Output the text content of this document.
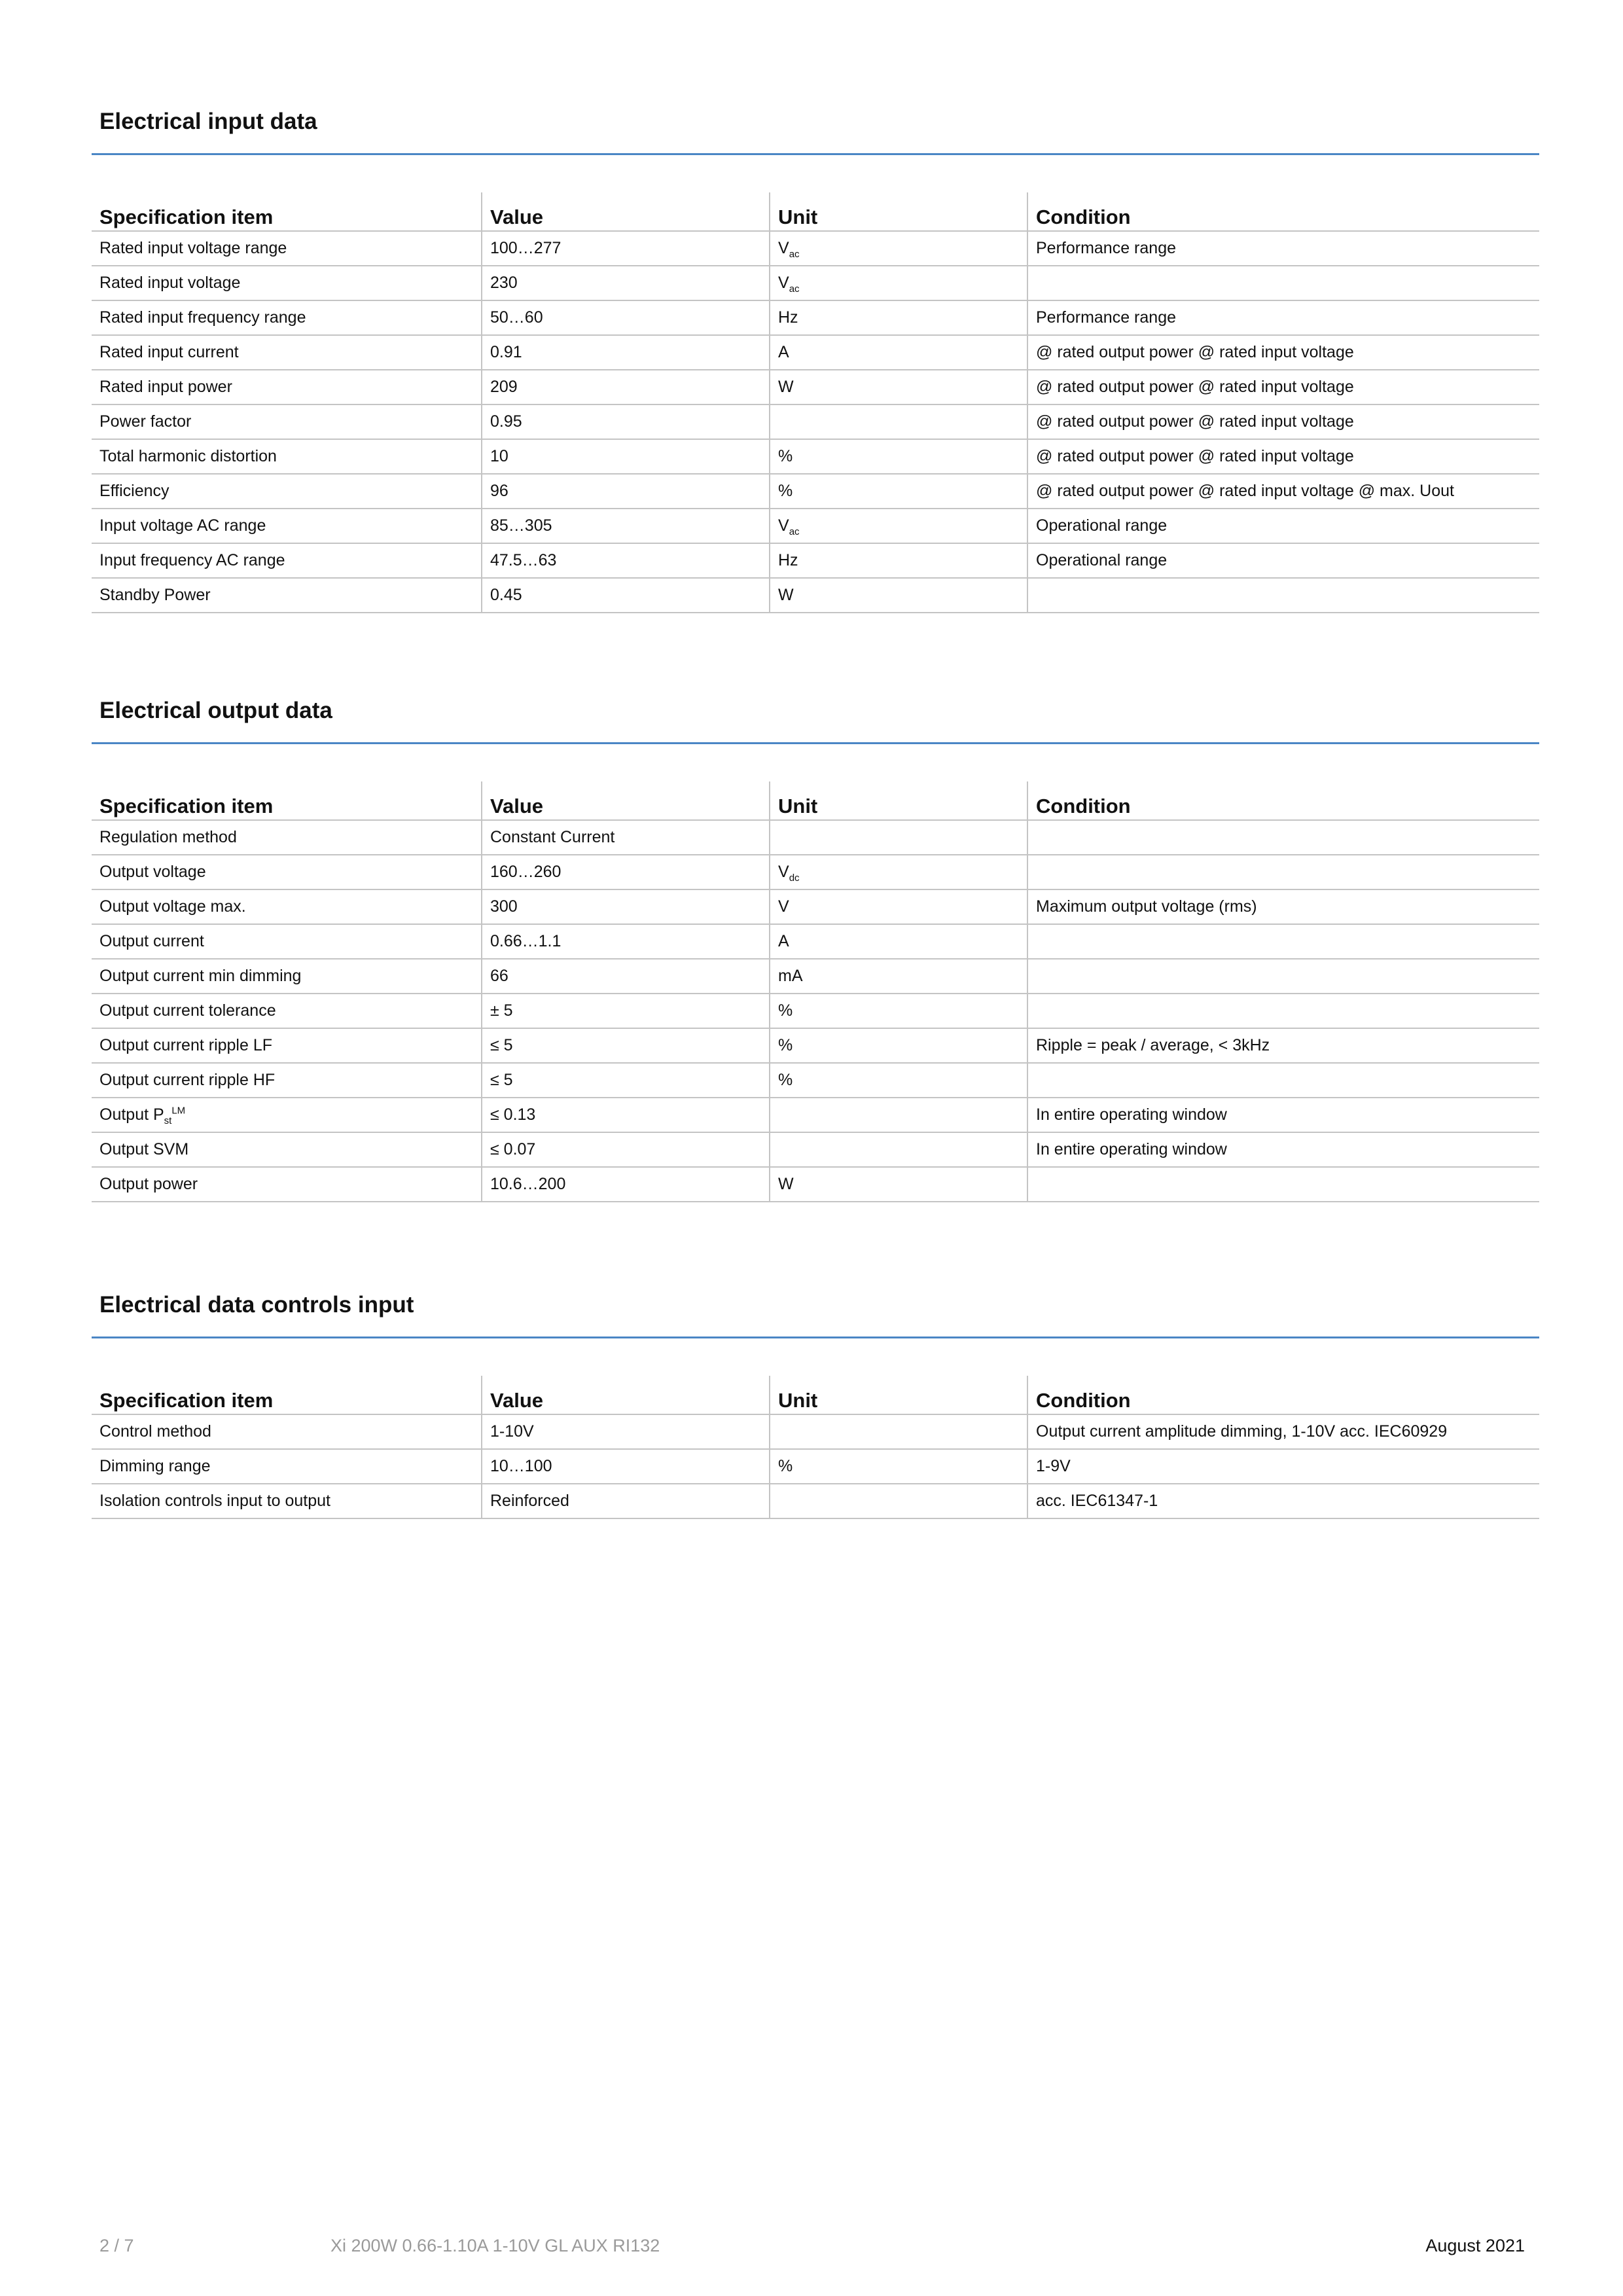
Electrical input data
Specification item	Value	Unit	Condition
Rated input voltage range	100…277	$V_{ac}$	Performance range
Rated input voltage	230	$V_{ac}$	
Rated input frequency range	50…60	Hz	Performance range
Rated input current	0.91	A	@ rated output power @ rated input voltage
Rated input power	209	W	@ rated output power @ rated input voltage
Power factor	0.95		@ rated output power @ rated input voltage
Total harmonic distortion	10	%	@ rated output power @ rated input voltage
Efficiency	96	%	@ rated output power @ rated input voltage @ max. Uout
Input voltage AC range	85…305	$V_{ac}$	Operational range
Input frequency AC range	47.5…63	Hz	Operational range
Standby Power	0.45	W	
Electrical output data
Specification item	Value	Unit	Condition
Regulation method	Constant Current		
Output voltage	160…260	$V_{dc}$	
Output voltage max.	300	V	Maximum output voltage (rms)
Output current	0.66…1.1	A	
Output current min dimming	66	mA	
Output current tolerance	± 5	%	
Output current ripple LF	≤ 5	%	Ripple = peak / average, < 3kHz
Output current ripple HF	≤ 5	%	
Output $P_{st}^{LM}$	≤ 0.13		In entire operating window
Output SVM	≤ 0.07		In entire operating window
Output power	10.6…200	W	
Electrical data controls input
Specification item	Value	Unit	Condition
Control method	1-10V		Output current amplitude dimming, 1-10V acc. IEC60929
Dimming range	10…100	%	1-9V
Isolation controls input to output	Reinforced		acc. IEC61347-1
2 / 7	Xi 200W 0.66-1.10A 1-10V GL AUX RI132	August 2021
